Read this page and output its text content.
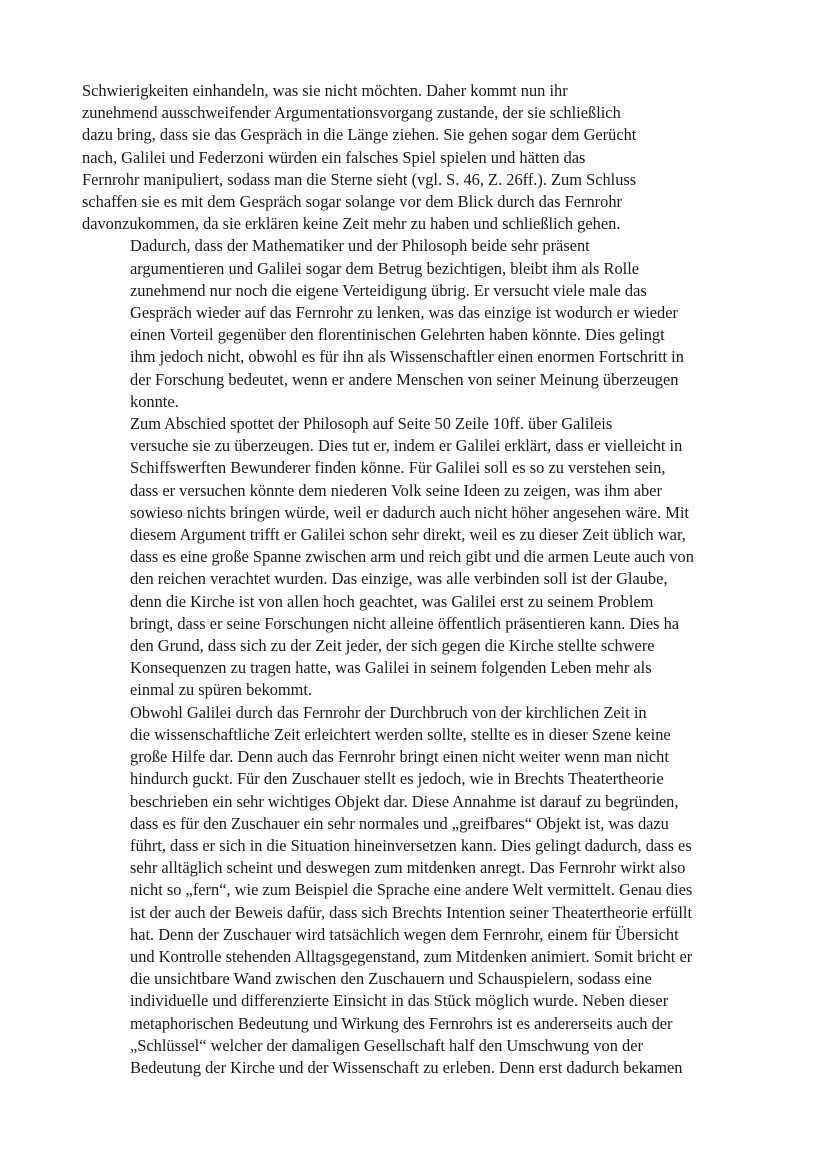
Schwierigkeiten einhandeln, was sie nicht möchten. Daher kommt nun ihr
zunehmend ausschweifender Argumentationsvorgang zustande, der sie schließlich
dazu bring, dass sie das Gespräch in die Länge ziehen. Sie gehen sogar dem Gerücht
nach, Galilei und Federzoni würden ein falsches Spiel spielen und hätten das
Fernrohr manipuliert, sodass man die Sterne sieht (vgl. S. 46, Z. 26ff.). Zum Schluss
schaffen sie es mit dem Gespräch sogar solange vor dem Blick durch das Fernrohr
davonzukommen, da sie erklären keine Zeit mehr zu haben und schließlich gehen.

Dadurch, dass der Mathematiker und der Philosoph beide sehr präsent
argumentieren und Galilei sogar dem Betrug bezichtigen, bleibt ihm als Rolle
zunehmend nur noch die eigene Verteidigung übrig. Er versucht viele male das
Gespräch wieder auf das Fernrohr zu lenken, was das einzige ist wodurch er wieder
einen Vorteil gegenüber den florentinischen Gelehrten haben könnte. Dies gelingt
ihm jedoch nicht, obwohl es für ihn als Wissenschaftler einen enormen Fortschritt in
der Forschung bedeutet, wenn er andere Menschen von seiner Meinung überzeugen
konnte.

Zum Abschied spottet der Philosoph auf Seite 50 Zeile 10ff. über Galileis
versuche sie zu überzeugen. Dies tut er, indem er Galilei erklärt, dass er vielleicht in
Schiffswerften Bewunderer finden könne. Für Galilei soll es so zu verstehen sein,
dass er versuchen könnte dem niederen Volk seine Ideen zu zeigen, was ihm aber
sowieso nichts bringen würde, weil er dadurch auch nicht höher angesehen wäre. Mit
diesem Argument trifft er Galilei schon sehr direkt, weil es zu dieser Zeit üblich war,
dass es eine große Spanne zwischen arm und reich gibt und die armen Leute auch von
den reichen verachtet wurden. Das einzige, was alle verbinden soll ist der Glaube,
denn die Kirche ist von allen hoch geachtet, was Galilei erst zu seinem Problem
bringt, dass er seine Forschungen nicht alleine öffentlich präsentieren kann. Dies ha
den Grund, dass sich zu der Zeit jeder, der sich gegen die Kirche stellte schwere
Konsequenzen zu tragen hatte, was Galilei in seinem folgenden Leben mehr als
einmal zu spüren bekommt.

Obwohl Galilei durch das Fernrohr der Durchbruch von der kirchlichen Zeit in
die wissenschaftliche Zeit erleichtert werden sollte, stellte es in dieser Szene keine
große Hilfe dar. Denn auch das Fernrohr bringt einen nicht weiter wenn man nicht
hindurch guckt. Für den Zuschauer stellt es jedoch, wie in Brechts Theatertheorie
beschrieben ein sehr wichtiges Objekt dar. Diese Annahme ist darauf zu begründen,
dass es für den Zuschauer ein sehr normales und „greifbares“ Objekt ist, was dazu
führt, dass er sich in die Situation hineinversetzen kann. Dies gelingt dadurch, dass es
sehr alltäglich scheint und deswegen zum mitdenken anregt. Das Fernrohr wirkt also
nicht so „fern“, wie zum Beispiel die Sprache eine andere Welt vermittelt. Genau dies
ist der auch der Beweis dafür, dass sich Brechts Intention seiner Theatertheorie erfüllt
hat. Denn der Zuschauer wird tatsächlich wegen dem Fernrohr, einem für Übersicht
und Kontrolle stehenden Alltagsgegenstand, zum Mitdenken animiert. Somit bricht er
die unsichtbare Wand zwischen den Zuschauern und Schauspielern, sodass eine
individuelle und differenzierte Einsicht in das Stück möglich wurde. Neben dieser
metaphorischen Bedeutung und Wirkung des Fernrohrs ist es andererseits auch der
„Schlüssel“ welcher der damaligen Gesellschaft half den Umschwung von der
Bedeutung der Kirche und der Wissenschaft zu erleben. Denn erst dadurch bekamen
